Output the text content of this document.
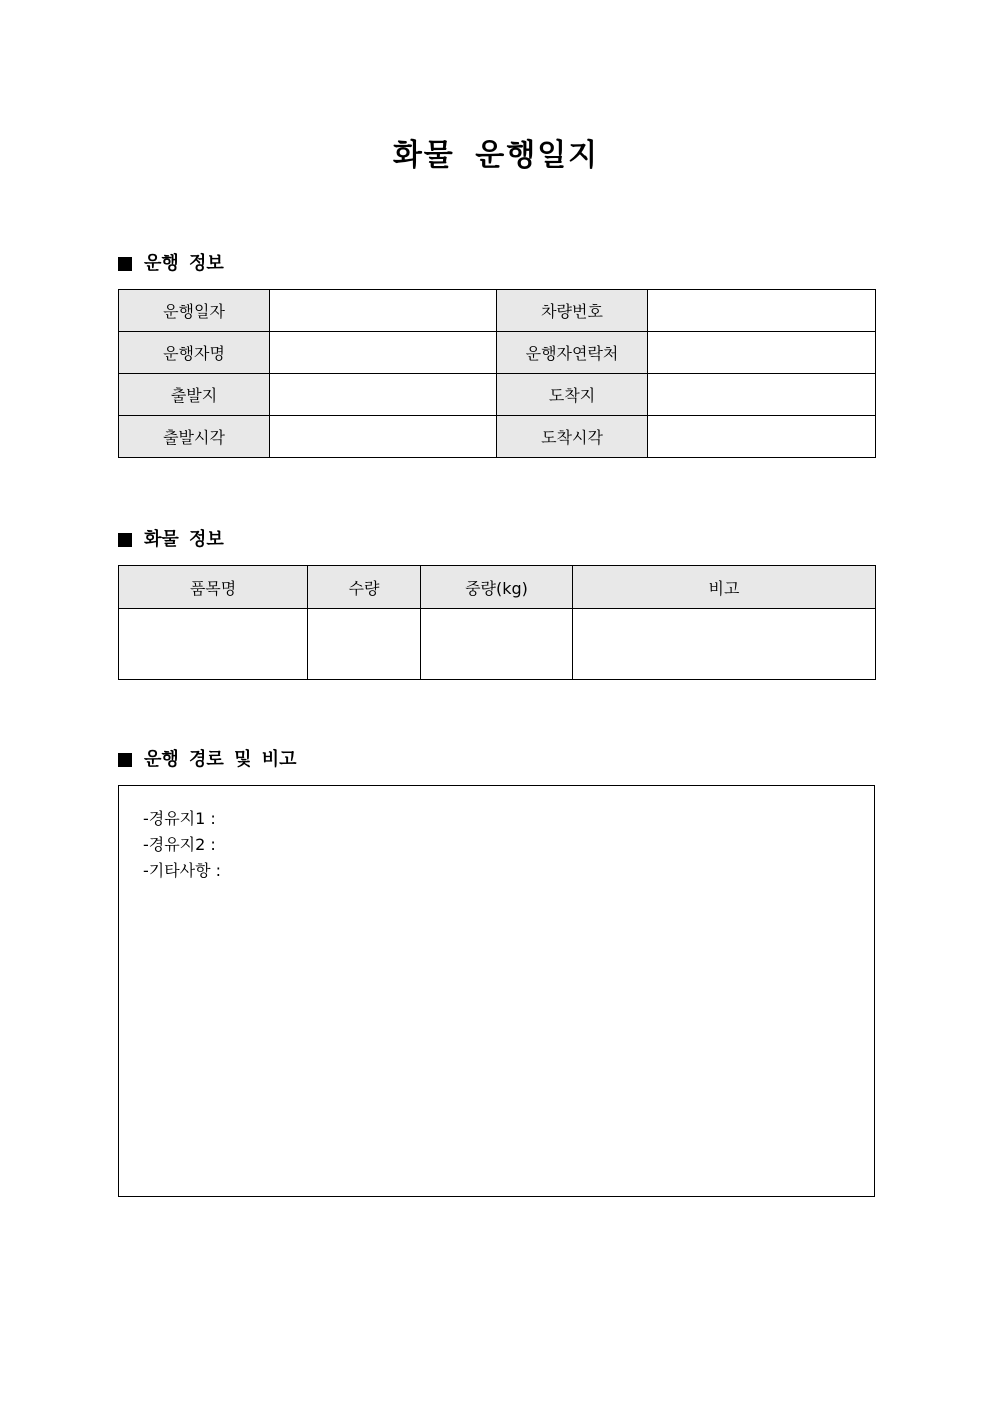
화물 운행일지
운행 정보
운행일자		차량번호	
운행자명		운행자연락처	
출발지		도착지	
출발시각		도착시각	
화물 정보
품목명	수량	중량(kg)	비고

운행 경로 및 비고
-경유지1 :
-경유지2 :
-기타사항 :
